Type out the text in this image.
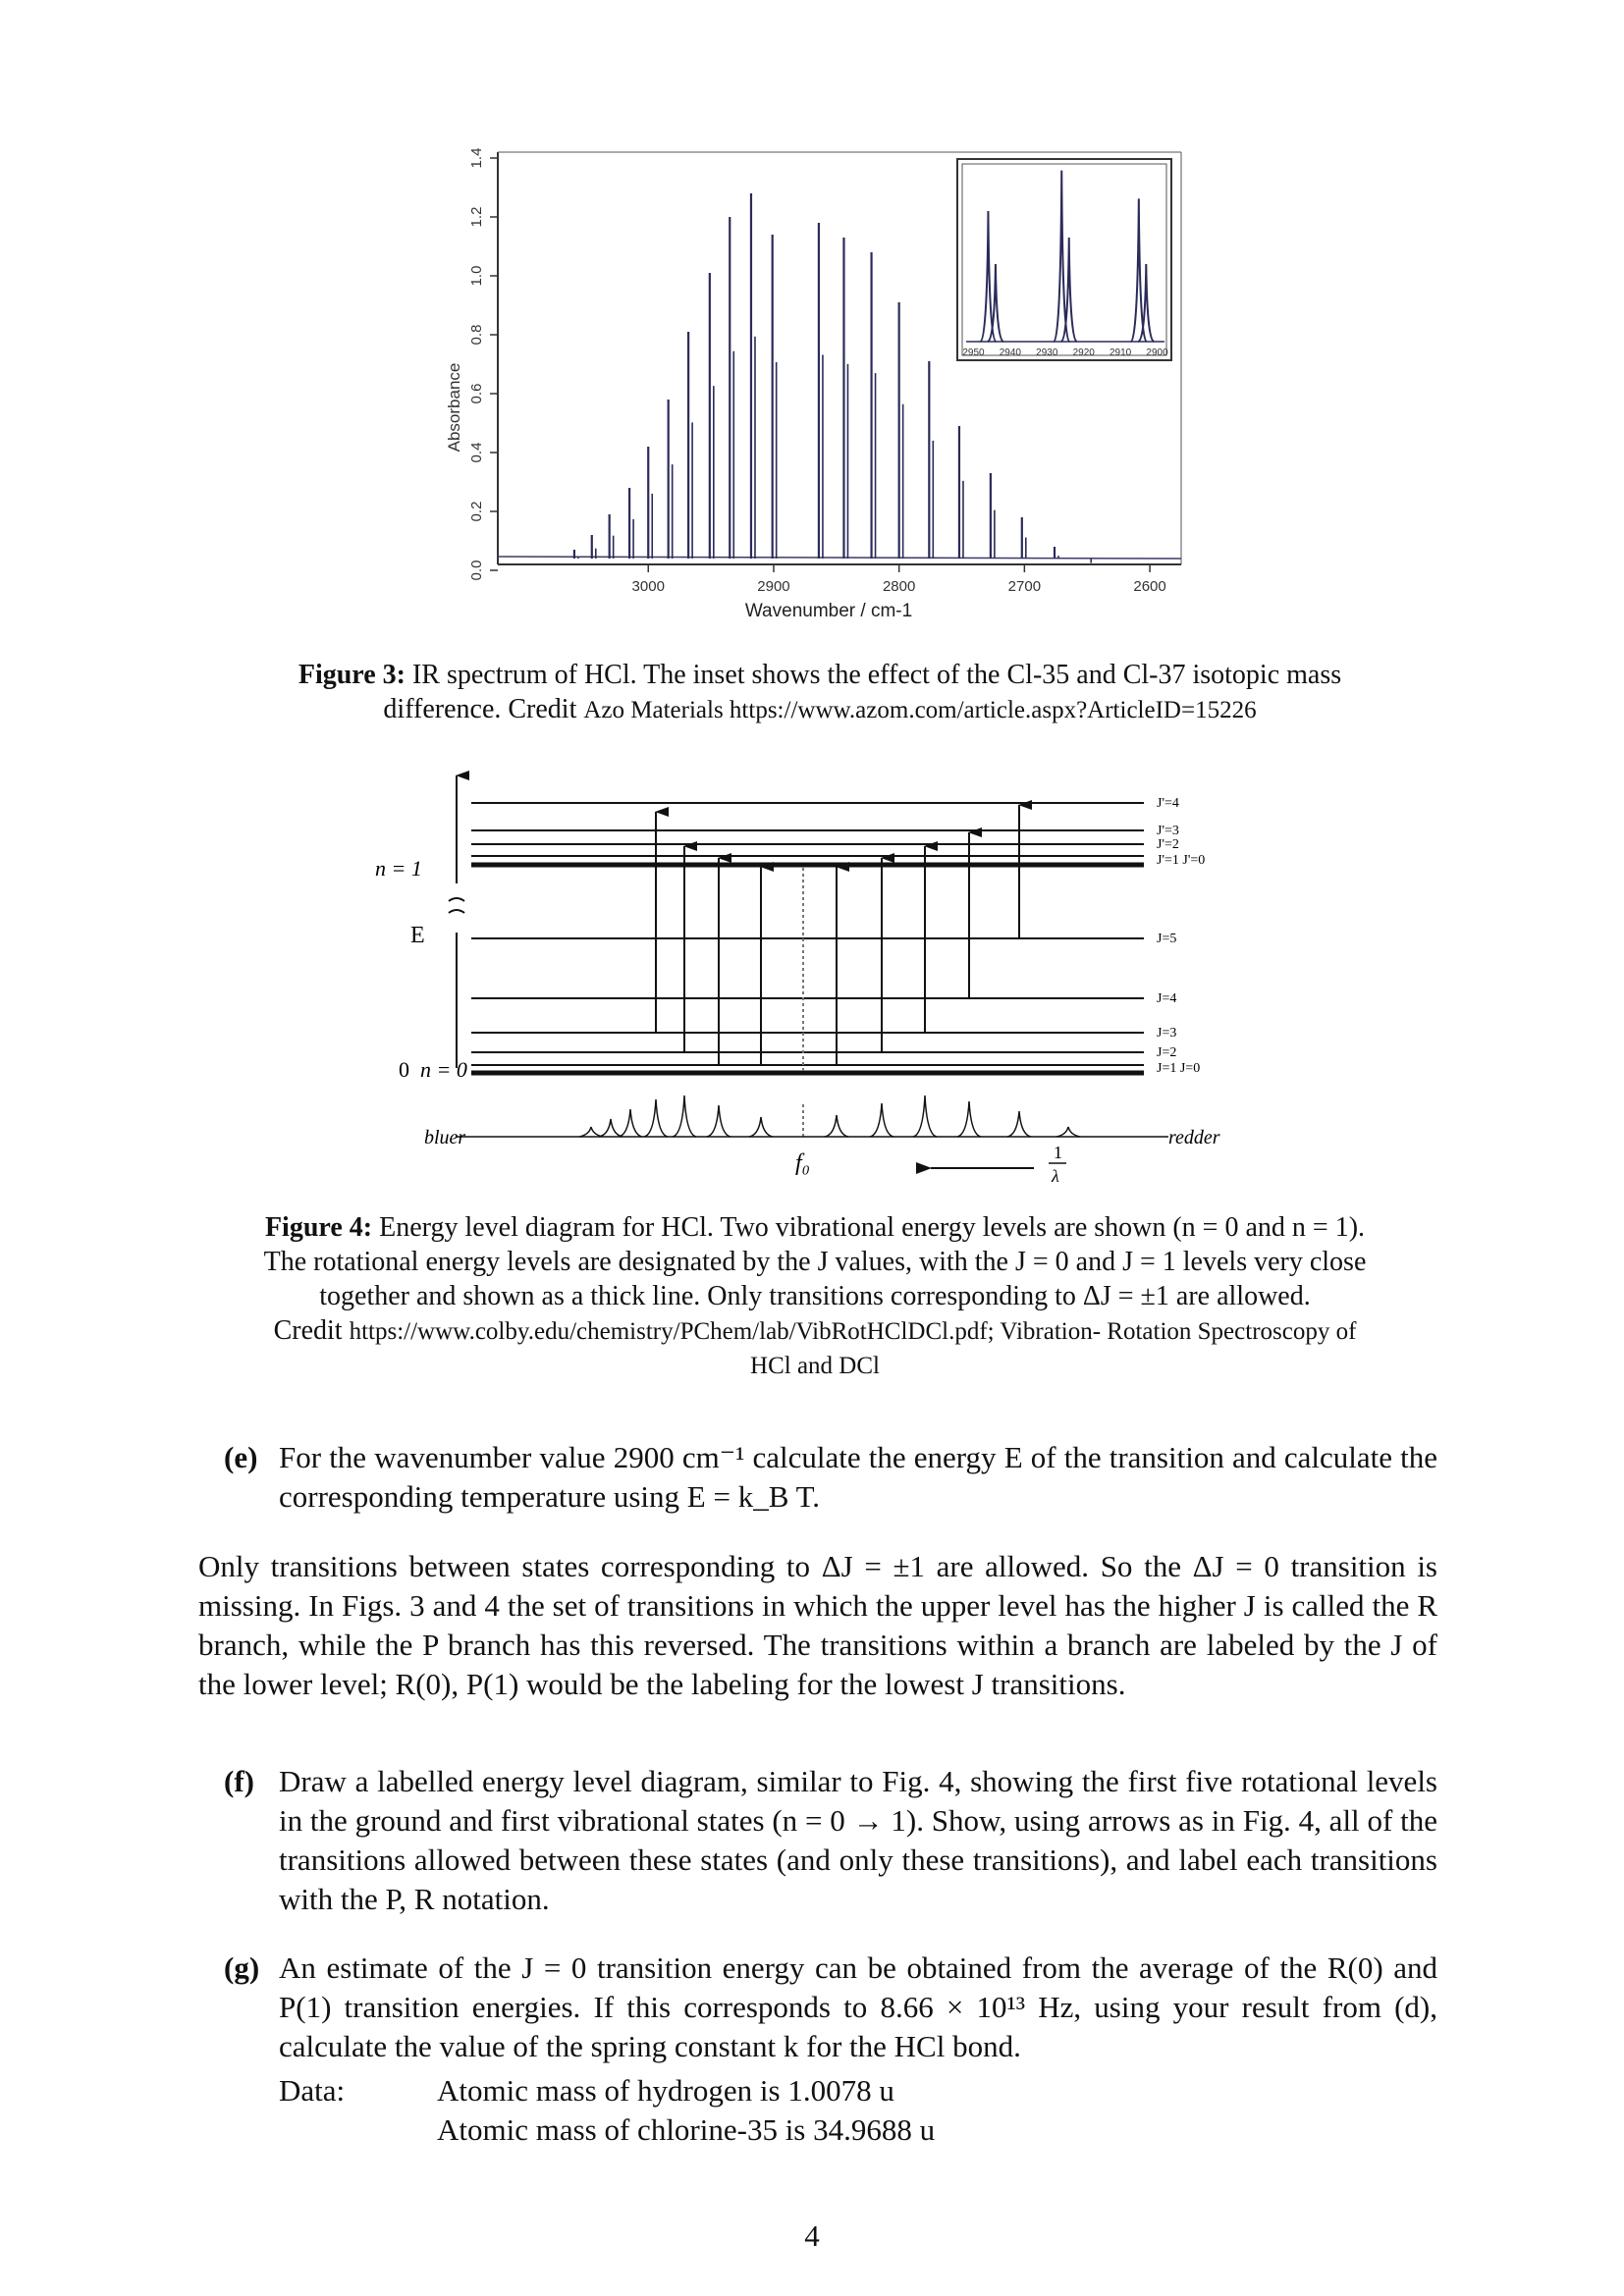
0.0
0.2
0.4
0.6
0.8
1.0
1.2
1.4
3000	2900	2800	2700	2600
2950 2940 2930 2920 2910 2900
Absorbance
Wavenumber / cm-1
Figure 3: IR spectrum of HCl. The inset shows the effect of the Cl-35 and Cl-37 isotopic mass difference. Credit Azo Materials https://www.azom.com/article.aspx?ArticleID=15226
n = 1
E
0 n = 0
bluer	redder
f₀	1
λ
J'=4
J'=3
J'=2
J'=1 J'=0
J=5
J=4
J=3
J=2
J=1 J=0
Figure 4: Energy level diagram for HCl. Two vibrational energy levels are shown (n = 0 and n = 1).
The rotational energy levels are designated by the J values, with the J = 0 and J = 1 levels very close
together and shown as a thick line. Only transitions corresponding to ΔJ = ±1 are allowed.
Credit https://www.colby.edu/chemistry/PChem/lab/VibRotHClDCl.pdf; Vibration- Rotation Spectroscopy of
HCl and DCl
(e) For the wavenumber value 2900 cm⁻¹ calculate the energy E of the transition and calculate the corresponding temperature using E = k_B T.
Only transitions between states corresponding to ΔJ = ±1 are allowed. So the ΔJ = 0 transition is missing. In Figs. 3 and 4 the set of transitions in which the upper level has the higher J is called the R branch, while the P branch has this reversed. The transitions within a branch are labeled by the J of the lower level; R(0), P(1) would be the labeling for the lowest J transitions.
(f) Draw a labelled energy level diagram, similar to Fig. 4, showing the first five rotational levels in the ground and first vibrational states (n = 0 → 1). Show, using arrows as in Fig. 4, all of the transitions allowed between these states (and only these transitions), and label each transitions with the P, R notation.
(g) An estimate of the J = 0 transition energy can be obtained from the average of the R(0) and P(1) transition energies. If this corresponds to 8.66 × 10¹³ Hz, using your result from (d), calculate the value of the spring constant k for the HCl bond.
Data:	Atomic mass of hydrogen is 1.0078 u
Atomic mass of chlorine-35 is 34.9688 u
4
